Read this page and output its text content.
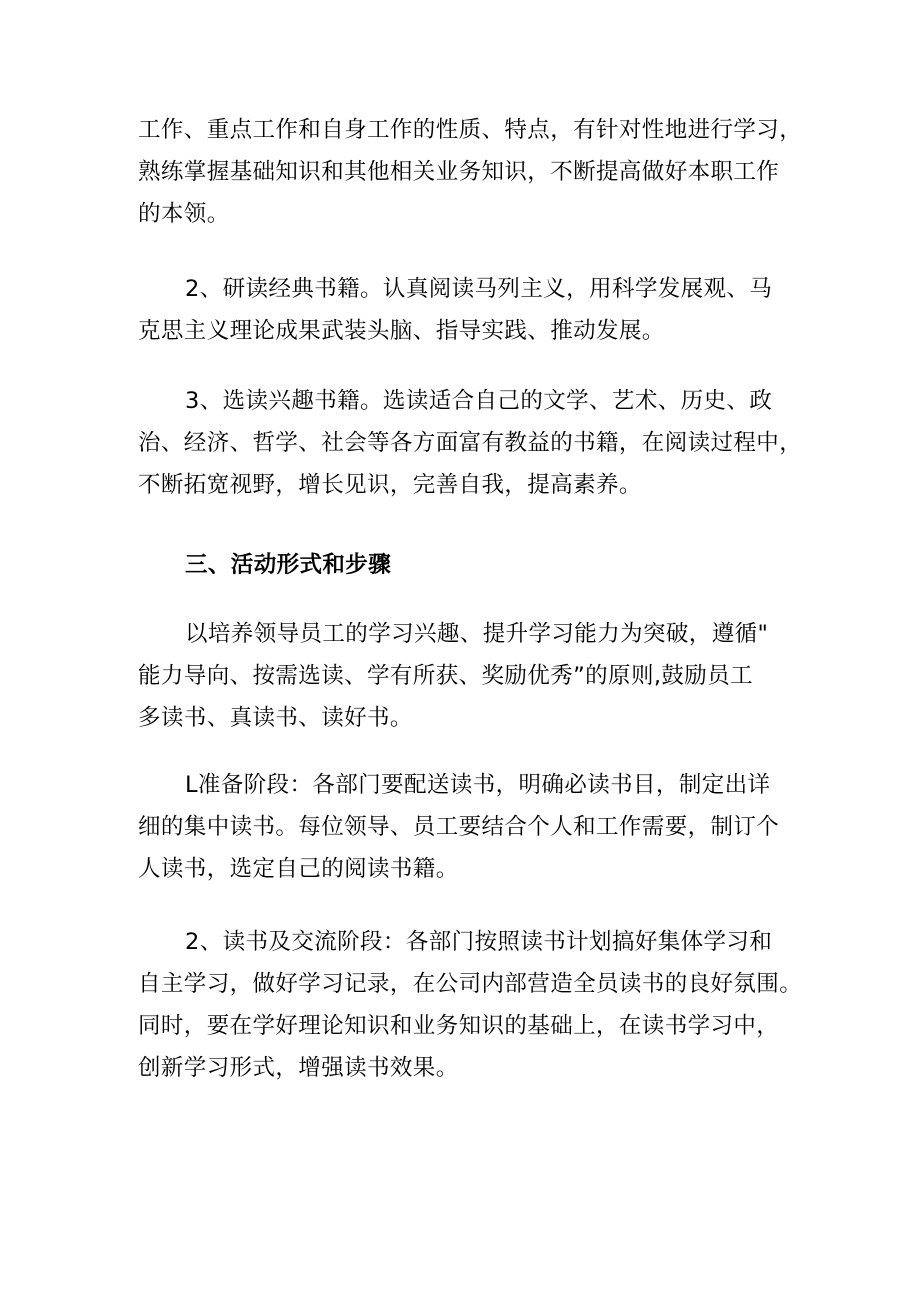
工作、重点工作和自身工作的性质、特点，有针对性地进行学习，
熟练掌握基础知识和其他相关业务知识，不断提高做好本职工作
的本领。
2、研读经典书籍。认真阅读马列主义，用科学发展观、马
克思主义理论成果武装头脑、指导实践、推动发展。
3、选读兴趣书籍。选读适合自己的文学、艺术、历史、政
治、经济、哲学、社会等各方面富有教益的书籍，在阅读过程中，
不断拓宽视野，增长见识，完善自我，提高素养。
三、活动形式和步骤
以培养领导员工的学习兴趣、提升学习能力为突破，遵循"
能力导向、按需选读、学有所获、奖励优秀”的原则,鼓励员工
多读书、真读书、读好书。
L准备阶段：各部门要配送读书，明确必读书目，制定出详
细的集中读书。每位领导、员工要结合个人和工作需要，制订个
人读书，选定自己的阅读书籍。
2、读书及交流阶段：各部门按照读书计划搞好集体学习和
自主学习，做好学习记录，在公司内部营造全员读书的良好氛围。
同时，要在学好理论知识和业务知识的基础上，在读书学习中，
创新学习形式，增强读书效果。
